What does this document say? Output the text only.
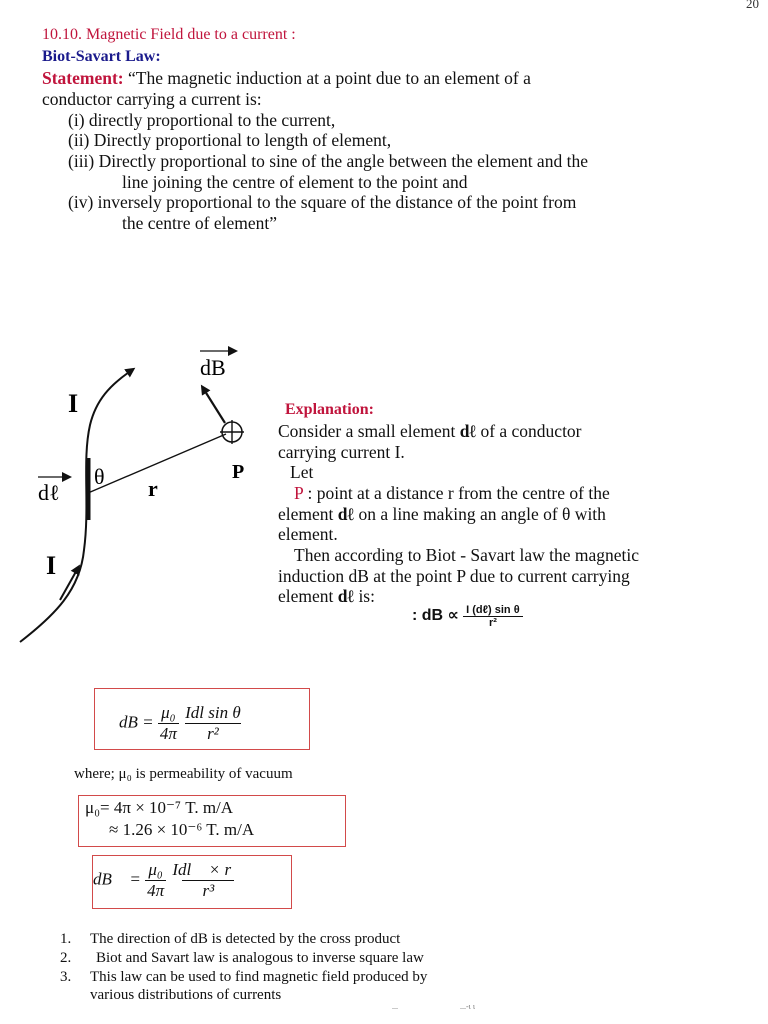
20
10.10. Magnetic Field due to a current :
Biot-Savart Law:
Statement: “The magnetic induction at a point due to an element of a
conductor carrying a current is:
(i) directly proportional to the current,
(ii) Directly proportional to length of element,
(iii) Directly proportional to sine of the angle between the element and the
line joining the centre of element to the point and
(iv) inversely proportional to the square of the distance of the point from
the centre of element”
dB
dℓ
θ r
P
I
I
Explanation:
Consider a small element dℓ of a conductor
carrying current I.
Let
P : point at a distance r from the centre of the
element dℓ on a line making an angle of θ with
element.
Then according to Biot - Savart law the magnetic
induction dB at the point P due to current carrying
element dℓ is:
: dB ∝ $\frac{\text{I (dℓ) sin θ}}{\text{r²}}$
dB = $\frac{\text{μ₀}}{4\pi}$
$\frac{\text{Idl sin θ}}{\text{r²}}$
where; μ₀ is permeability of vacuum
μ₀= 4π × 10⁻⁷ T. m/A
≈ 1.26 × 10⁻⁶ T. m/A
dB⃗ = $\frac{\text{μ₀}}{4\pi}$
$\frac{\text{Idl⃗ × r⃗}}{\text{r³}}$
1. The direction of dB is detected by the cross product
2. Biot and Savart law is analogous to inverse square law
3. This law can be used to find magnetic field produced by
various distributions of currents
...	...-ι ι
